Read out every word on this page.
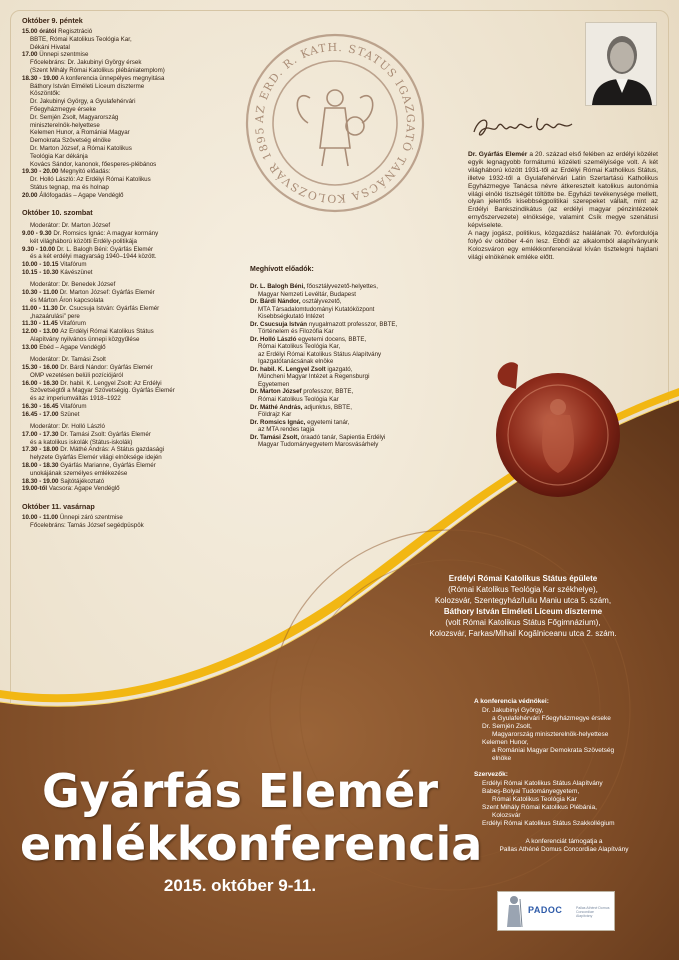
Október 9. péntek
15.00 órától Regisztráció
BBTE, Római Katolikus Teológia Kar,
Dékáni Hivatal
17.00 Ünnepi szentmise
Főcelebráns: Dr. Jakubinyi György érsek
(Szent Mihály Római Katolikus plébániatemplom)
18.30 - 19.00 A konferencia ünnepélyes megnyitása
Báthory István Elméleti Líceum díszterme
Köszöntők:
Dr. Jakubinyi György, a Gyulafehérvári
Főegyházmegye érseke
Dr. Semjén Zsolt, Magyarország
miniszterelnök-helyettese
Kelemen Hunor, a Romániai Magyar
Demokrata Szövetség elnöke
Dr. Marton József, a Római Katolikus
Teológia Kar dékánja
Kovács Sándor, kanonok, főesperes-plébános
19.30 - 20.00 Megnyitó előadás:
Dr. Holló László: Az Erdélyi Római Katolikus
Státus tegnap, ma és holnap
20.00 Állófogadás – Agape Vendéglő
Október 10. szombat
Moderátor: Dr. Marton József
9.00 - 9.30 Dr. Romsics Ignác: A magyar kormány
két világháború közötti Erdély-politikája
9.30 - 10.00 Dr. L. Balogh Béni: Gyárfás Elemér
és a két erdélyi magyarság 1940–1944 között.
10.00 - 10.15 Vitafórum
10.15 - 10.30 Kávészünet
Moderátor: Dr. Benedek József
10.30 - 11.00 Dr. Marton József: Gyárfás Elemér
és Márton Áron kapcsolata
11.00 - 11.30 Dr. Csucsuja István: Gyárfás Elemér
„hazaárulási” pere
11.30 - 11.45 Vitafórum
12.00 - 13.00 Az Erdélyi Római Katolikus Státus
Alapítvány nyilvános ünnepi közgyűlése
13.00 Ebéd – Agape Vendéglő
Moderátor: Dr. Tamási Zsolt
15.30 - 16.00 Dr. Bárdi Nándor: Gyárfás Elemér
OMP vezetésen belüli pozíciójáról
16.00 - 16.30 Dr. habil. K. Lengyel Zsolt: Az Erdélyi
Szövetségtől a Magyar Szövetségig. Gyárfás Elemér
és az imperiumváltás 1918–1922
16.30 - 16.45 Vitafórum
16.45 - 17.00 Szünet
Moderátor: Dr. Holló László
17.00 - 17.30 Dr. Tamási Zsolt: Gyárfás Elemér
és a katolikus iskolák (Státus-iskolák)
17.30 - 18.00 Dr. Máthé András: A Státus gazdasági
helyzete Gyárfás Elemér világi elnöksége idején
18.00 - 18.30 Gyárfás Marianne, Gyárfás Elemér
unokájának személyes emlékezése
18.30 - 19.00 Sajtótájékoztató
19.00-től Vacsora: Agape Vendéglő
Október 11. vasárnap
10.00 - 11.00 Ünnepi záró szentmise
Főcelebráns: Tamás József segédpüspök
AZ ERD. R. KATH. STATUS IGAZGATÓ TANÁCSA KOLOZSVÁR 1895

Dr. Gyárfás Elemér a 20. század első felében az erdélyi közélet egyik legnagyobb formátumú közéleti személyisége volt. A két világháború között 1931-től az Erdélyi Római Katholikus Státus, illetve 1932-től a Gyulafehérvári Latin Szertartású Katholikus Egyházmegye Tanácsa névre átkeresztelt katolikus autonómia világi elnöki tisztségét töltötte be. Egyházi tevékenysége mellett, olyan jelentős kisebbségpolitikai szerepeket vállalt, mint az Erdélyi Bankszindikátus (az erdélyi magyar pénzintézetek ernyőszervezete) elnöksége, valamint Csík megye szenátusi képviselete.

A nagy jogász, politikus, közgazdász halálának 70. évfordulója folyó év október 4-én lesz. Ebből az alkalomból alapítványunk Kolozsváron egy emlékkonferenciával kíván tisztelegni hajdani világi elnökének emléke előtt.

Meghívott előadók:
Dr. L. Balogh Béni, főosztályvezető-helyettes,
Magyar Nemzeti Levéltár, Budapest
Dr. Bárdi Nándor, osztályvezető,
MTA Társadalomtudományi Kutatóközpont
Kisebbségkutató Intézet
Dr. Csucsuja István nyugalmazott professzor, BBTE,
Történelem és Filozófia Kar
Dr. Holló László egyetemi docens, BBTE,
Római Katolikus Teológia Kar,
az Erdélyi Római Katolikus Státus Alapítvány
Igazgatótanácsának elnöke
Dr. habil. K. Lengyel Zsolt igazgató,
Müncheni Magyar Intézet a Regensburgi
Egyetemen
Dr. Marton József professzor, BBTE,
Római Katolikus Teológia Kar
Dr. Máthé András, adjunktus, BBTE,
Földrajz Kar
Dr. Romsics Ignác, egyetemi tanár,
az MTA rendes tagja
Dr. Tamási Zsolt, óraadó tanár, Sapientia Erdélyi
Magyar Tudományegyetem Marosvásárhely
Erdélyi Római Katolikus Státus épülete
(Római Katolikus Teológia Kar székhelye),
Kolozsvár, Szentegyház/Iuliu Maniu utca 5. szám,
Báthory István Elméleti Líceum díszterme
(volt Római Katolikus Státus Főgimnázium),
Kolozsvár, Farkas/Mihail Kogălniceanu utca 2. szám.
A konferencia védnökei:
Dr. Jakubinyi György,
a Gyulafehérvári Főegyházmegye érseke
Dr. Semjén Zsolt,
Magyarország miniszterelnök-helyettese
Kelemen Hunor,
a Romániai Magyar Demokrata Szövetség
elnöke
Szervezők:
Erdélyi Római Katolikus Státus Alapítvány
Babeş-Bolyai Tudományegyetem,
Római Katolikus Teológia Kar
Szent Mihály Római Katolikus Plébánia,
Kolozsvár
Erdélyi Római Katolikus Státus Szakkollégium
A konferenciát támogatja a
Pallas Athéné Domus Concordiae Alapítvány
PADOC	Pallas Athéné Domus Concordiae Alapítvány
Gyárfás Elemér
emlékkonferencia
2015. október 9-11.
